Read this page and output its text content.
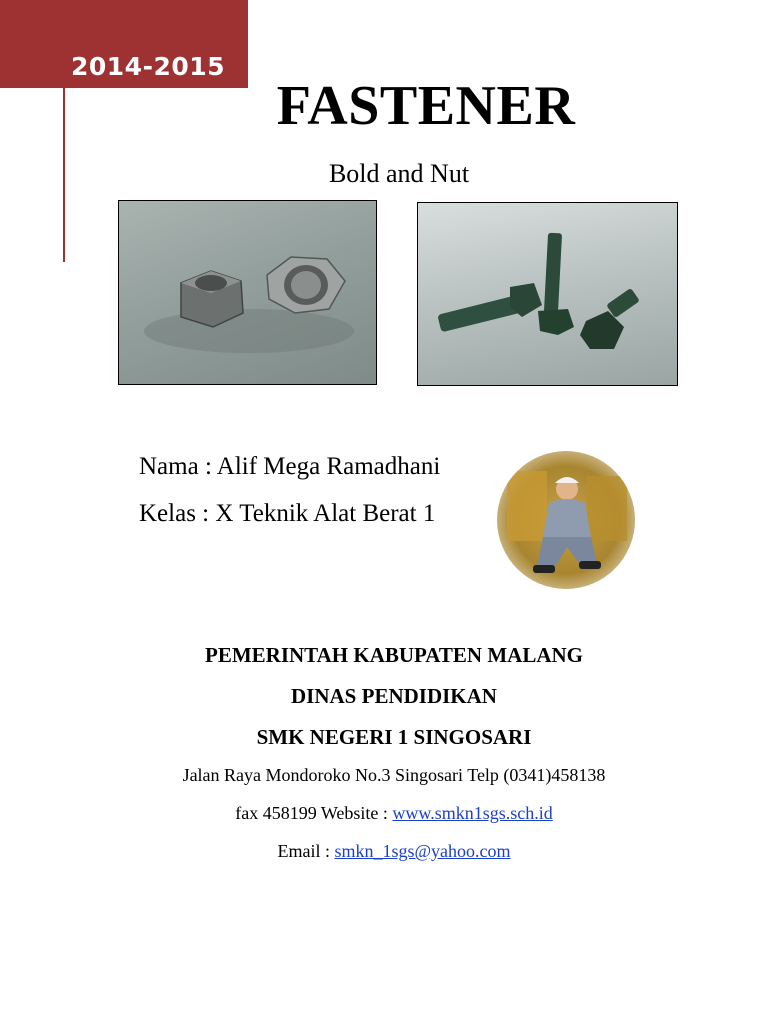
2014-2015
FASTENER
Bold and Nut
Nama : Alif Mega Ramadhani
Kelas : X Teknik Alat Berat 1
PEMERINTAH KABUPATEN MALANG
DINAS PENDIDIKAN
SMK NEGERI 1 SINGOSARI
Jalan Raya Mondoroko No.3 Singosari Telp (0341)458138
fax 458199 Website : www.smkn1sgs.sch.id
Email : smkn_1sgs@yahoo.com
